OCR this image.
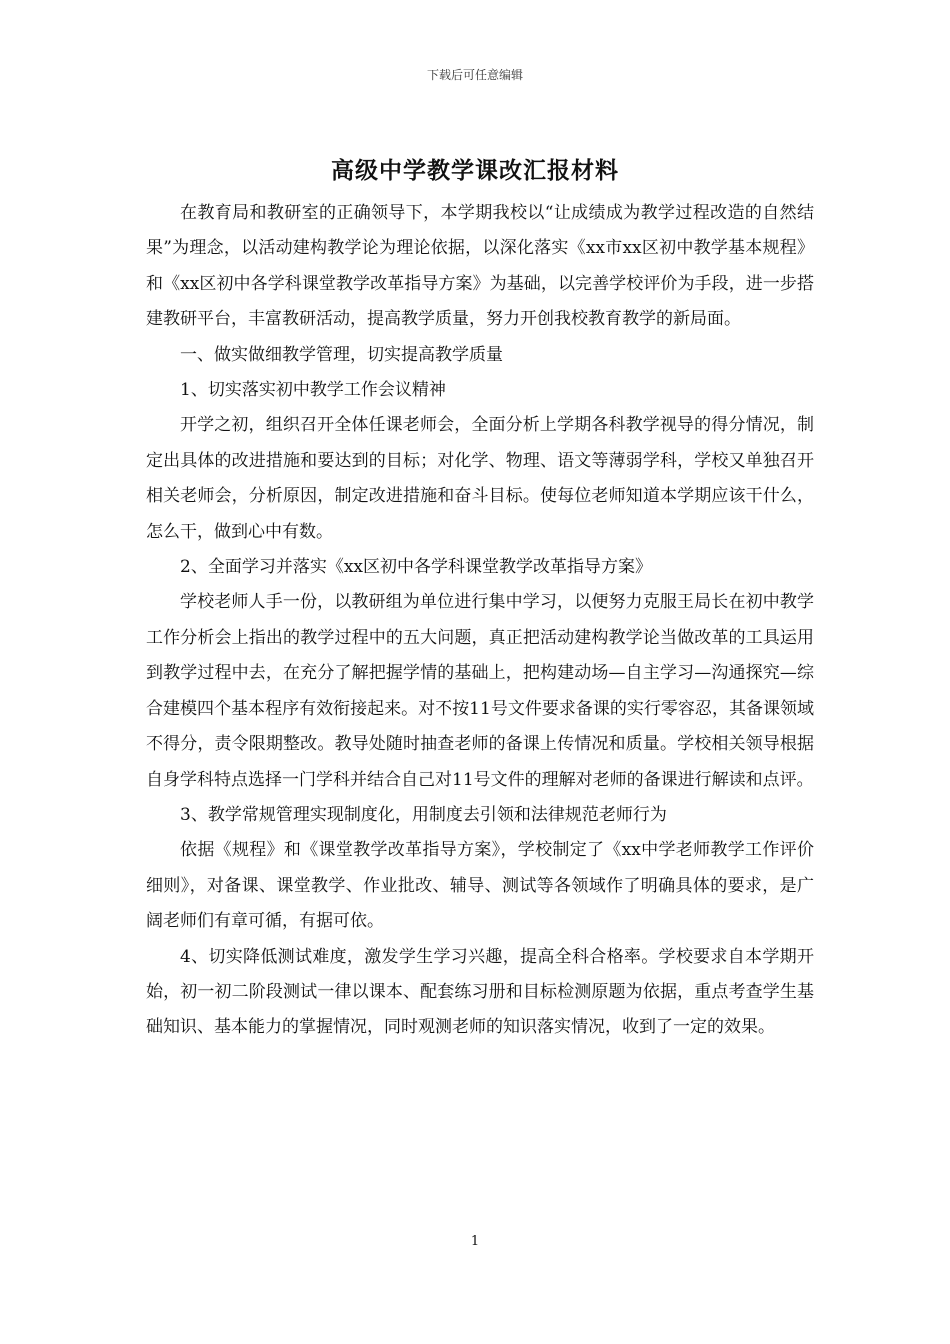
下载后可任意编辑
高级中学教学课改汇报材料

在教育局和教研室的正确领导下，本学期我校以“让成绩成为教学过程改造的自然结果”为理念，以活动建构教学论为理论依据，以深化落实《xx市xx区初中教学基本规程》和《xx区初中各学科课堂教学改革指导方案》为基础，以完善学校评价为手段，进一步搭建教研平台，丰富教研活动，提高教学质量，努力开创我校教育教学的新局面。

一、做实做细教学管理，切实提高教学质量

1、切实落实初中教学工作会议精神

开学之初，组织召开全体任课老师会，全面分析上学期各科教学视导的得分情况，制定出具体的改进措施和要达到的目标；对化学、物理、语文等薄弱学科，学校又单独召开相关老师会，分析原因，制定改进措施和奋斗目标。使每位老师知道本学期应该干什么，怎么干，做到心中有数。

2、全面学习并落实《xx区初中各学科课堂教学改革指导方案》

学校老师人手一份，以教研组为单位进行集中学习，以便努力克服王局长在初中教学工作分析会上指出的教学过程中的五大问题，真正把活动建构教学论当做改革的工具运用到教学过程中去，在充分了解把握学情的基础上，把构建动场—自主学习—沟通探究—综合建模四个基本程序有效衔接起来。对不按11号文件要求备课的实行零容忍，其备课领域不得分，责令限期整改。教导处随时抽查老师的备课上传情况和质量。学校相关领导根据自身学科特点选择一门学科并结合自己对11号文件的理解对老师的备课进行解读和点评。

3、教学常规管理实现制度化，用制度去引领和法律规范老师行为

依据《规程》和《课堂教学改革指导方案》，学校制定了《xx中学老师教学工作评价细则》，对备课、课堂教学、作业批改、辅导、测试等各领域作了明确具体的要求，是广阔老师们有章可循，有据可依。

4、切实降低测试难度，激发学生学习兴趣，提高全科合格率。学校要求自本学期开始，初一初二阶段测试一律以课本、配套练习册和目标检测原题为依据，重点考查学生基础知识、基本能力的掌握情况，同时观测老师的知识落实情况，收到了一定的效果。

1
